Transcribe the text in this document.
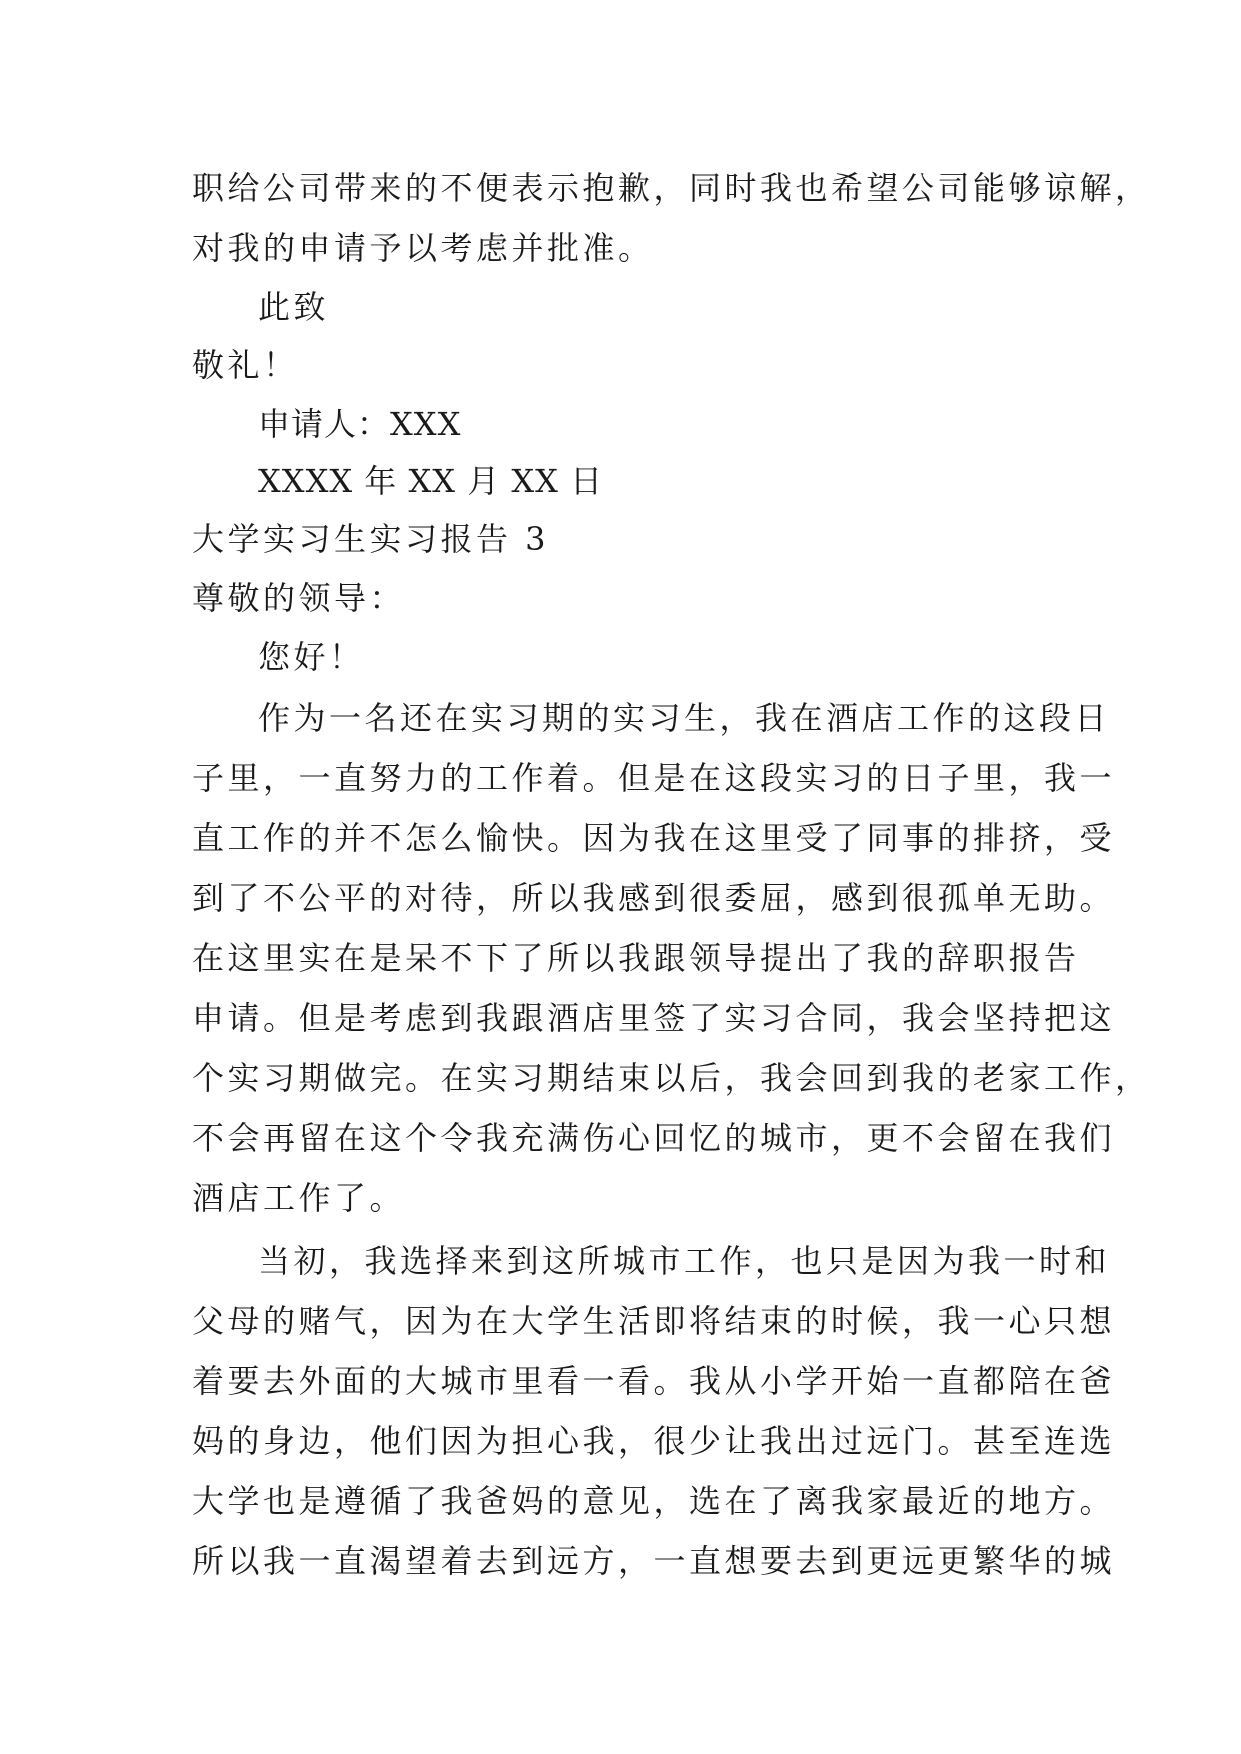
职给公司带来的不便表示抱歉，同时我也希望公司能够谅解，

对我的申请予以考虑并批准。

此致

敬礼！

申请人：XXX

XXXX 年 XX 月 XX 日

大学实习生实习报告 3

尊敬的领导：

您好！

作为一名还在实习期的实习生，我在酒店工作的这段日

子里，一直努力的工作着。但是在这段实习的日子里，我一

直工作的并不怎么愉快。因为我在这里受了同事的排挤，受

到了不公平的对待，所以我感到很委屈，感到很孤单无助。

在这里实在是呆不下了所以我跟领导提出了我的辞职报告

申请。但是考虑到我跟酒店里签了实习合同，我会坚持把这

个实习期做完。在实习期结束以后，我会回到我的老家工作，

不会再留在这个令我充满伤心回忆的城市，更不会留在我们

酒店工作了。

当初，我选择来到这所城市工作，也只是因为我一时和

父母的赌气，因为在大学生活即将结束的时候，我一心只想

着要去外面的大城市里看一看。我从小学开始一直都陪在爸

妈的身边，他们因为担心我，很少让我出过远门。甚至连选

大学也是遵循了我爸妈的意见，选在了离我家最近的地方。

所以我一直渴望着去到远方，一直想要去到更远更繁华的城
